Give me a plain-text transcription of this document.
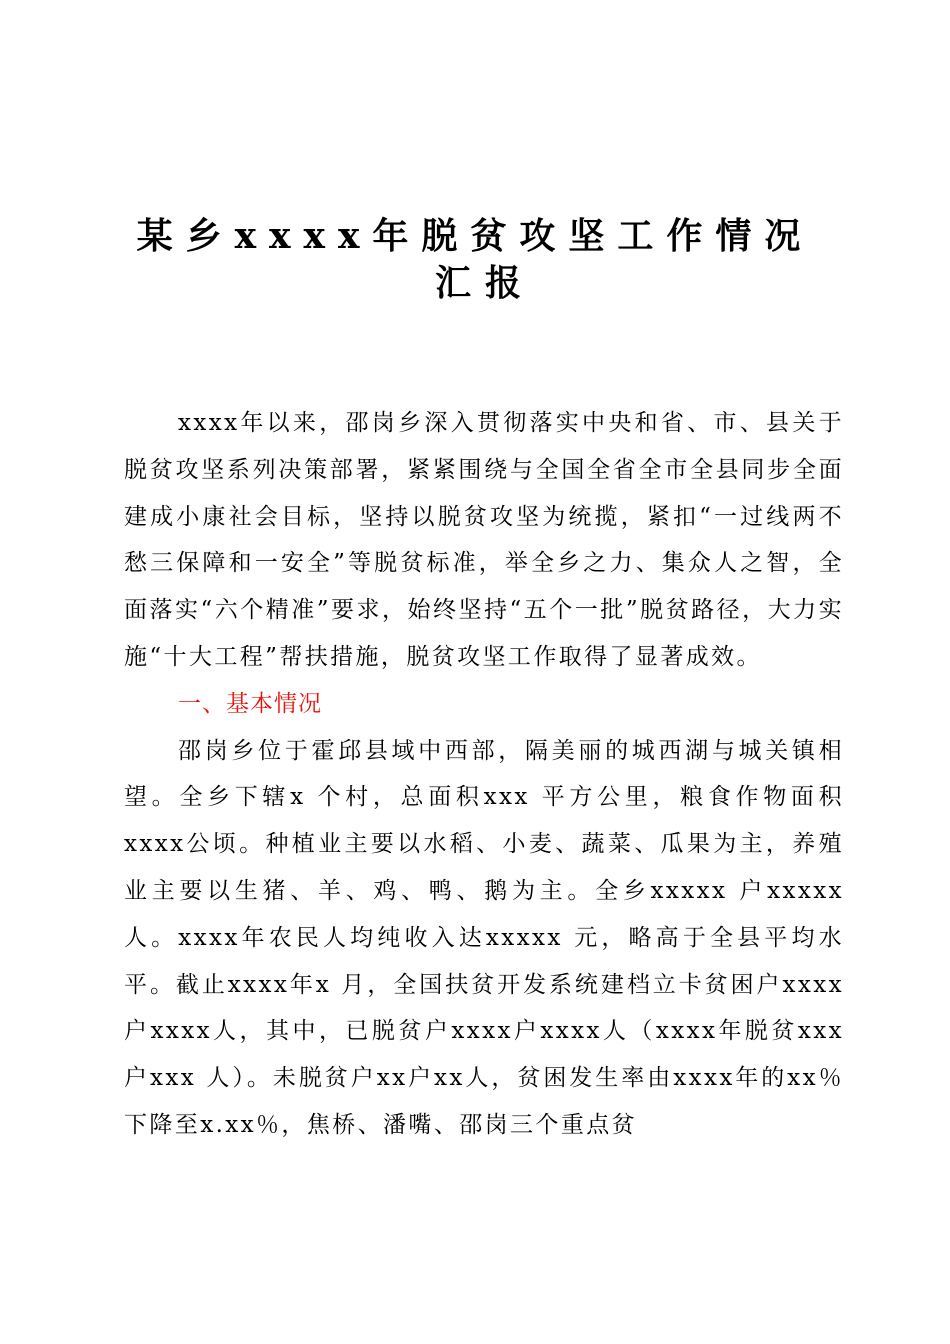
某乡xxxx年脱贫攻坚工作情况
汇报

xxxx年以来，邵岗乡深入贯彻落实中央和省、市、县关于脱贫攻坚系列决策部署，紧紧围绕与全国全省全市全县同步全面建成小康社会目标，坚持以脱贫攻坚为统揽，紧扣“一过线两不愁三保障和一安全”等脱贫标准，举全乡之力、集众人之智，全面落实“六个精准”要求，始终坚持“五个一批”脱贫路径，大力实施“十大工程”帮扶措施，脱贫攻坚工作取得了显著成效。

一、基本情况

邵岗乡位于霍邱县域中西部，隔美丽的城西湖与城关镇相望。全乡下辖x 个村，总面积xxx 平方公里，粮食作物面积xxxx公顷。种植业主要以水稻、小麦、蔬菜、瓜果为主，养殖业主要以生猪、羊、鸡、鸭、鹅为主。全乡xxxxx 户xxxxx 人。xxxx年农民人均纯收入达xxxxx 元，略高于全县平均水平。截止xxxx年x 月，全国扶贫开发系统建档立卡贫困户xxxx户xxxx人，其中，已脱贫户xxxx户xxxx人（xxxx年脱贫xxx 户xxx 人）。未脱贫户xx户xx人，贫困发生率由xxxx年的xx％下降至x.xx％，焦桥、潘嘴、邵岗三个重点贫
